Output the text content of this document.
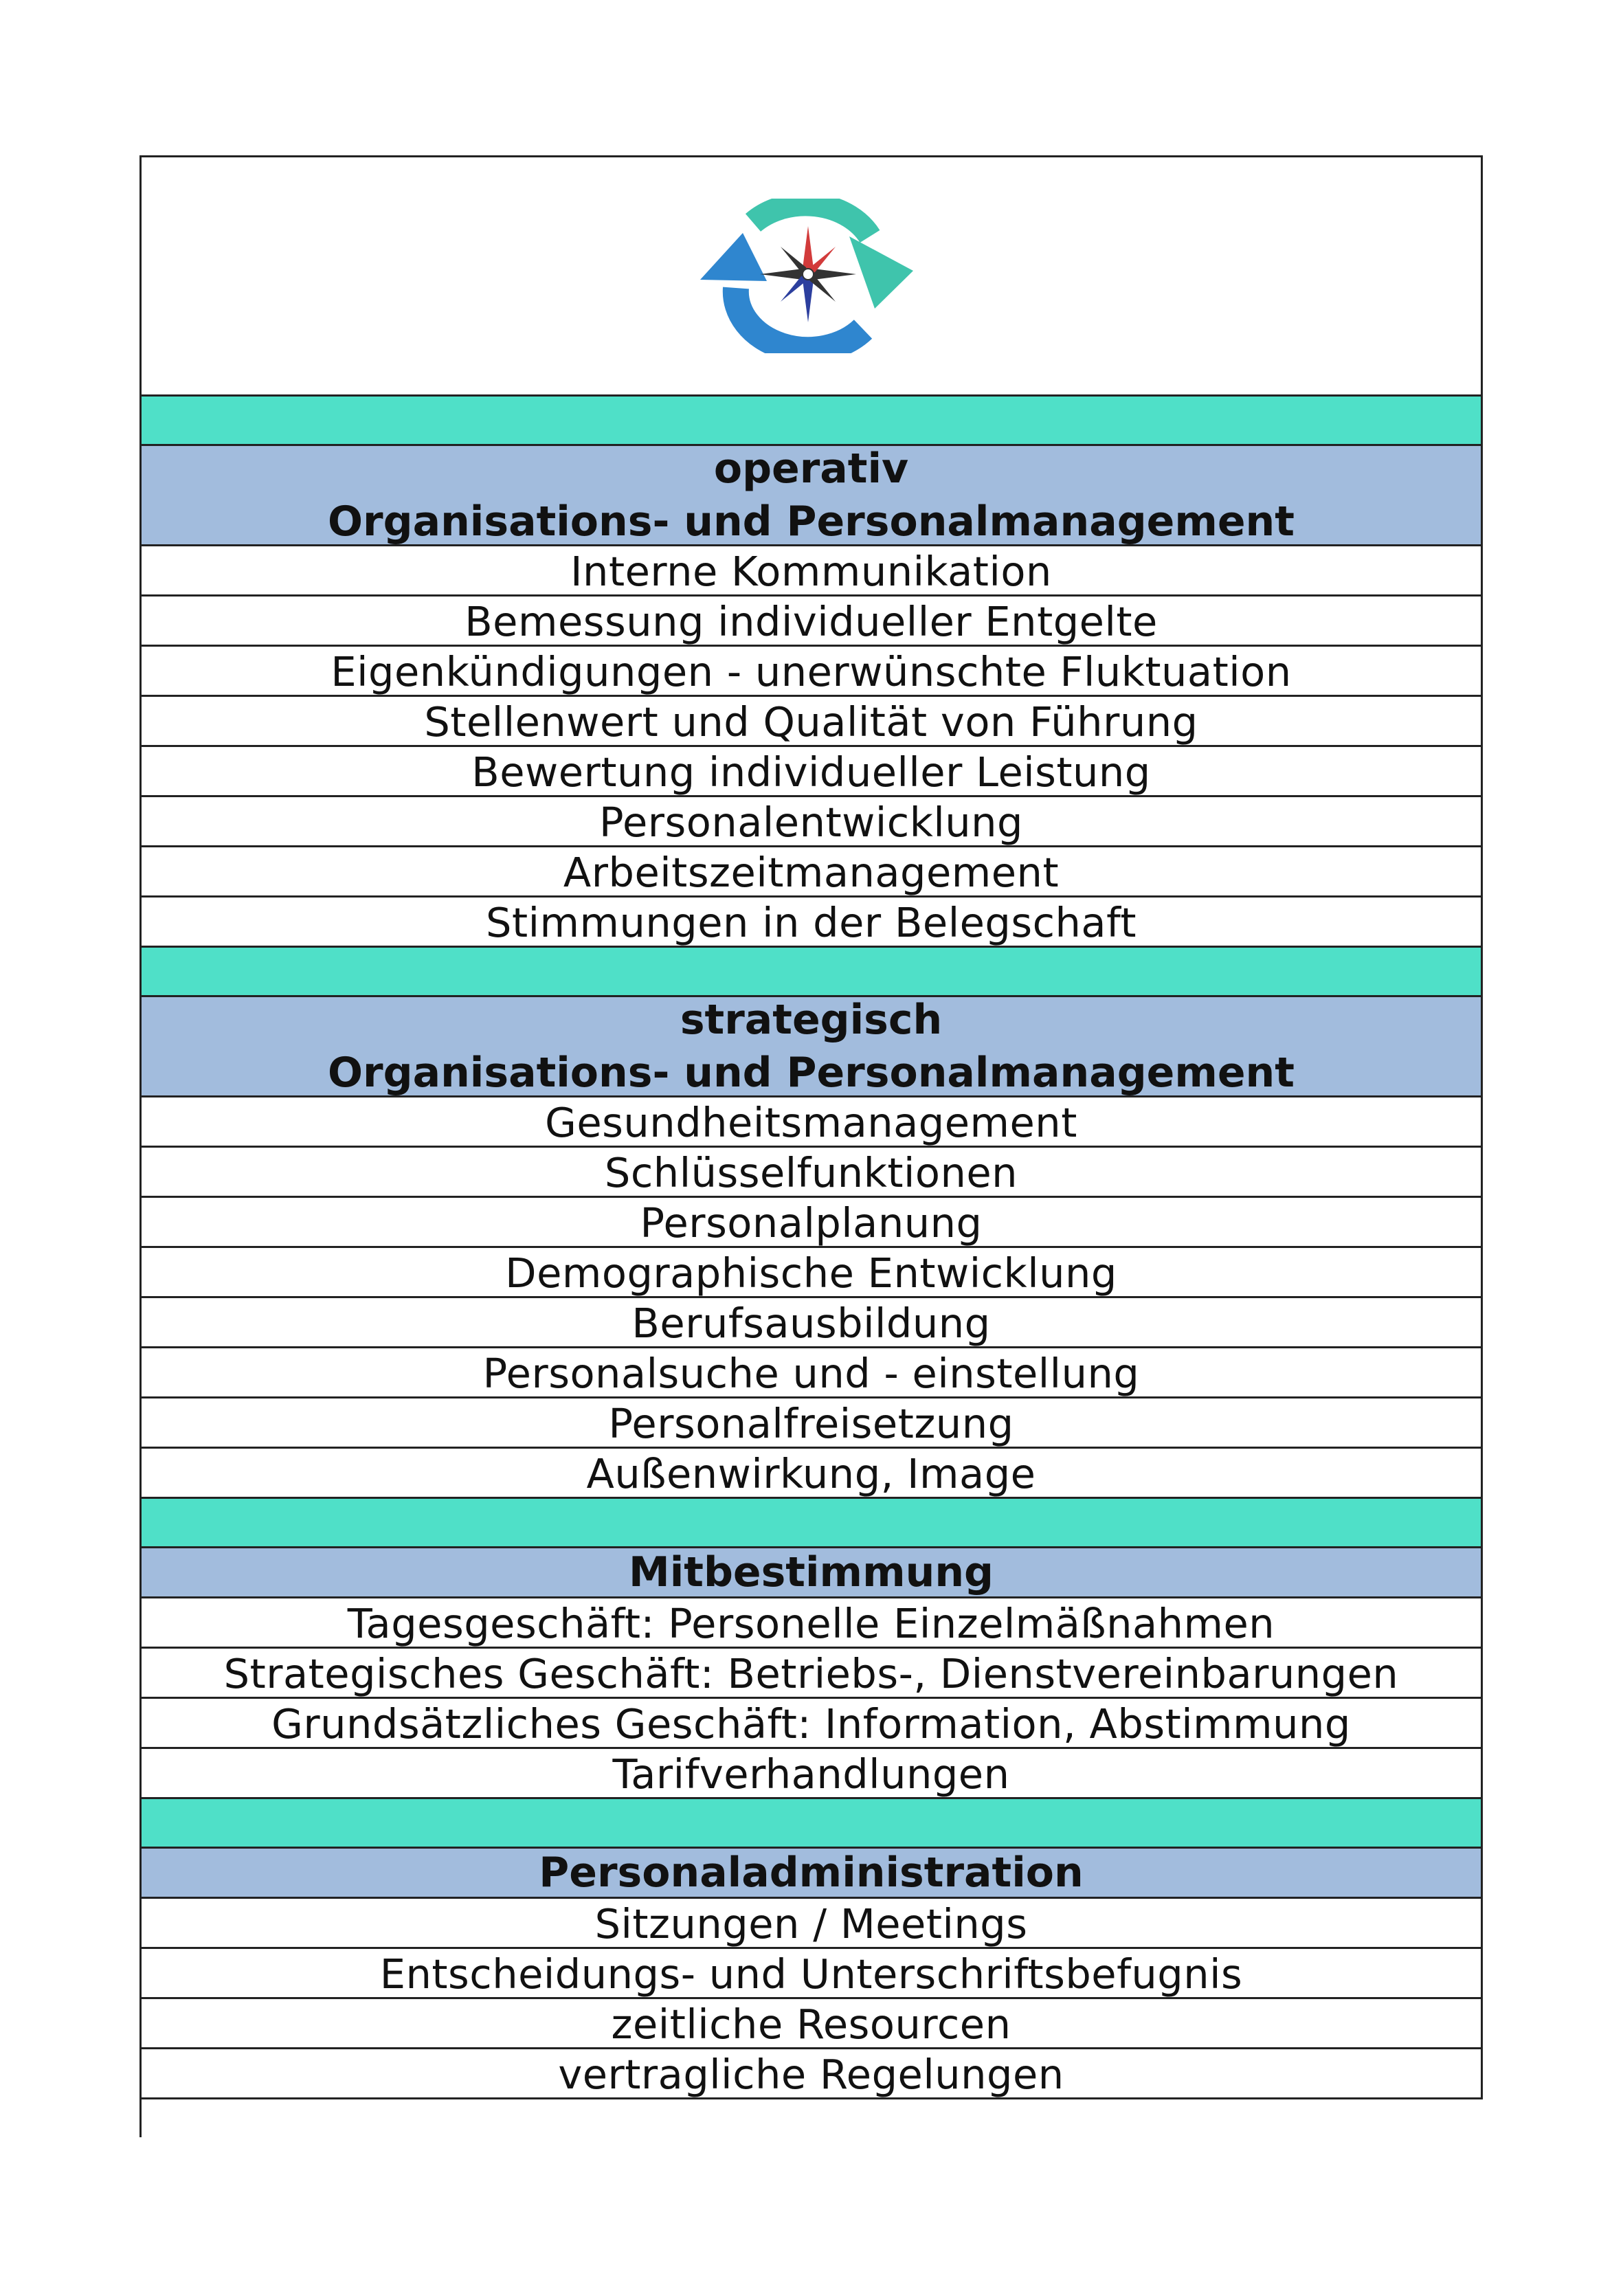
operativ
Organisations- und Personalmanagement
Interne Kommunikation
Bemessung individueller Entgelte
Eigenkündigungen - unerwünschte Fluktuation
Stellenwert und Qualität von Führung
Bewertung individueller Leistung
Personalentwicklung
Arbeitszeitmanagement
Stimmungen in der Belegschaft
strategisch
Organisations- und Personalmanagement
Gesundheitsmanagement
Schlüsselfunktionen
Personalplanung
Demographische Entwicklung
Berufsausbildung
Personalsuche und - einstellung
Personalfreisetzung
Außenwirkung, Image
Mitbestimmung
Tagesgeschäft: Personelle Einzelmäßnahmen
Strategisches Geschäft: Betriebs-, Dienstvereinbarungen
Grundsätzliches Geschäft: Information, Abstimmung
Tarifverhandlungen
Personaladministration
Sitzungen / Meetings
Entscheidungs- und Unterschriftsbefugnis
zeitliche Resourcen
vertragliche Regelungen
